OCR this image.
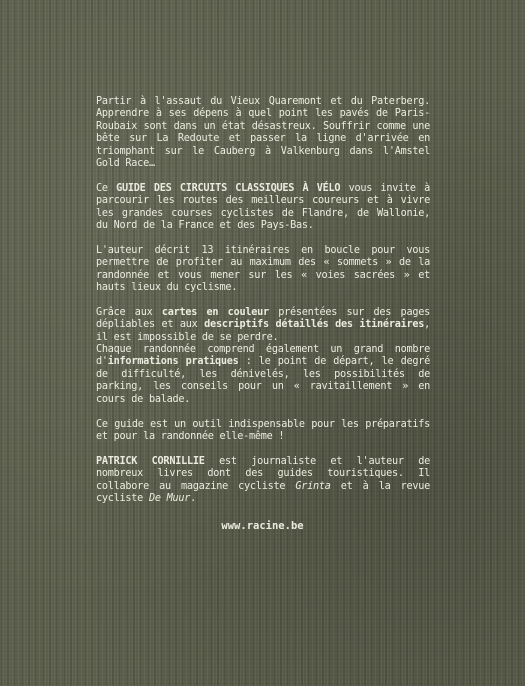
Partir à l'assaut du Vieux Quaremont et du Paterberg. Apprendre à ses dépens à quel point les pavés de Paris-Roubaix sont dans un état désastreux. Souffrir comme une bête sur La Redoute et passer la ligne d'arrivée en triomphant sur le Cauberg à Valkenburg dans l'Amstel Gold Race…

Ce GUIDE DES CIRCUITS CLASSIQUES À VÉLO vous invite à parcourir les routes des meilleurs coureurs et à vivre les grandes courses cyclistes de Flandre, de Wallonie, du Nord de la France et des Pays-Bas.

L'auteur décrit 13 itinéraires en boucle pour vous permettre de profiter au maximum des « sommets » de la randonnée et vous mener sur les « voies sacrées » et hauts lieux du cyclisme.

Grâce aux cartes en couleur présentées sur des pages dépliables et aux descriptifs détaillés des itinéraires, il est impossible de se perdre.

Chaque randonnée comprend également un grand nombre d'informations pratiques : le point de départ, le degré de difficulté, les dénivelés, les possibilités de parking, les conseils pour un « ravitaillement » en cours de balade.

Ce guide est un outil indispensable pour les préparatifs et pour la randonnée elle-même !

PATRICK CORNILLIE est journaliste et l'auteur de nombreux livres dont des guides touristiques. Il collabore au magazine cycliste Grinta et à la revue cycliste De Muur.

www.racine.be
